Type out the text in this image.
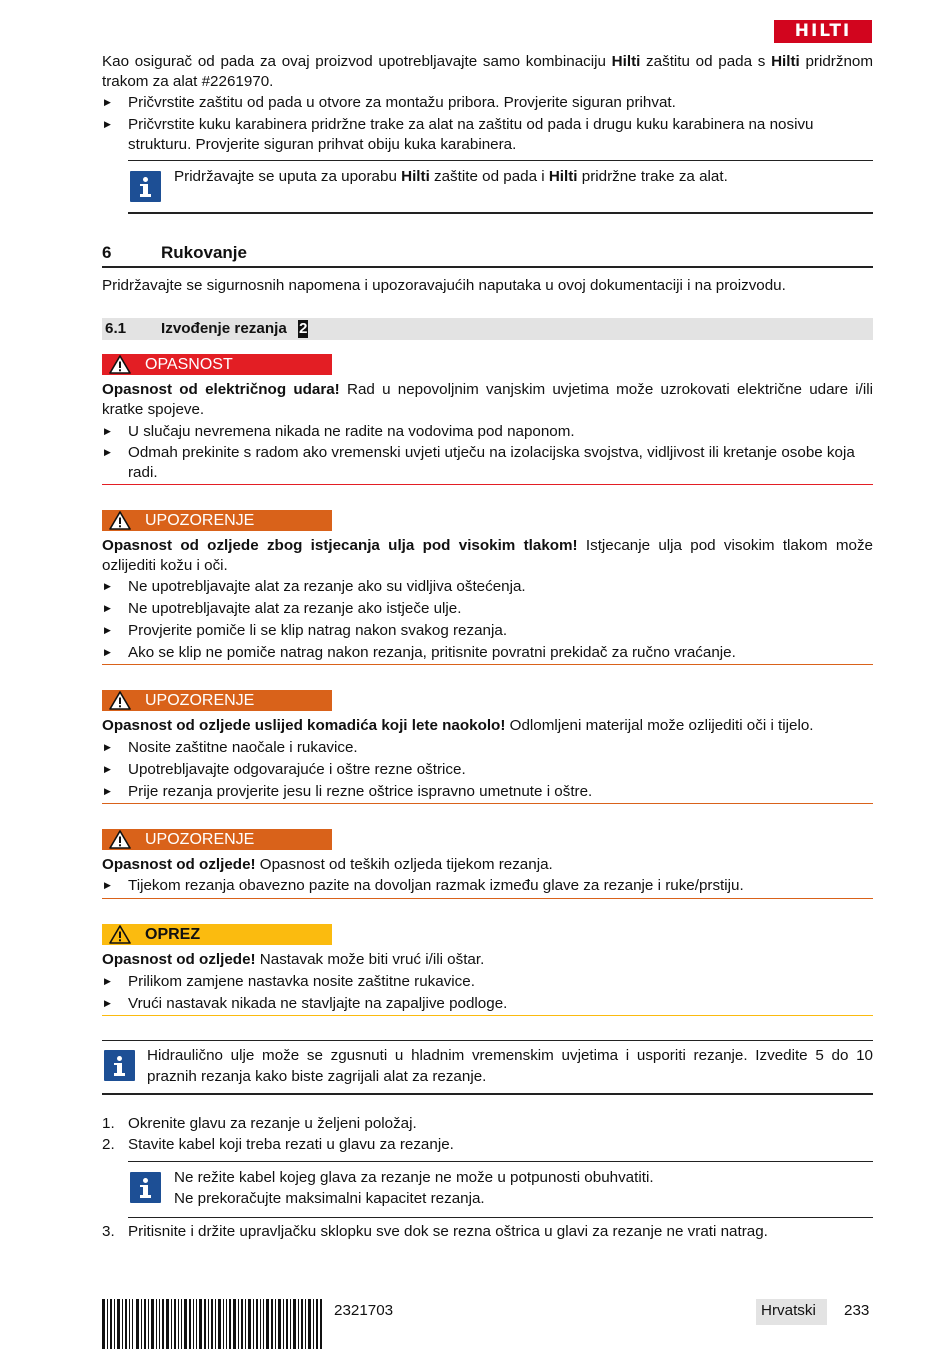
HILTI

Kao osigurač od pada za ovaj proizvod upotrebljavajte samo kombinaciju Hilti zaštitu od pada s Hilti pridržnom trakom za alat #2261970.

▶ Pričvrstite zaštitu od pada u otvore za montažu pribora. Provjerite siguran prihvat.

▶ Pričvrstite kuku karabinera pridržne trake za alat na zaštitu od pada i drugu kuku karabinera na nosivu strukturu. Provjerite siguran prihvat obiju kuka karabinera.

Pridržavajte se uputa za uporabu Hilti zaštite od pada i Hilti pridržne trake za alat.

6	Rukovanje

Pridržavajte se sigurnosnih napomena i upozoravajućih naputaka u ovoj dokumentaciji i na proizvodu.

6.1 Izvođenje rezanja 2
OPASNOST

Opasnost od električnog udara! Rad u nepovoljnim vanjskim uvjetima može uzrokovati električne udare i/ili kratke spojeve.

▶ U slučaju nevremena nikada ne radite na vodovima pod naponom.

▶ Odmah prekinite s radom ako vremenski uvjeti utječu na izolacijska svojstva, vidljivost ili kretanje osobe koja radi.

UPOZORENJE

Opasnost od ozljede zbog istjecanja ulja pod visokim tlakom! Istjecanje ulja pod visokim tlakom može ozlijediti kožu i oči.

▶ Ne upotrebljavajte alat za rezanje ako su vidljiva oštećenja.

▶ Ne upotrebljavajte alat za rezanje ako istječe ulje.

▶ Provjerite pomiče li se klip natrag nakon svakog rezanja.

▶ Ako se klip ne pomiče natrag nakon rezanja, pritisnite povratni prekidač za ručno vraćanje.

UPOZORENJE

Opasnost od ozljede uslijed komadića koji lete naokolo! Odlomljeni materijal može ozlijediti oči i tijelo.

▶ Nosite zaštitne naočale i rukavice.

▶ Upotrebljavajte odgovarajuće i oštre rezne oštrice.

▶ Prije rezanja provjerite jesu li rezne oštrice ispravno umetnute i oštre.

UPOZORENJE

Opasnost od ozljede! Opasnost od teških ozljeda tijekom rezanja.

▶ Tijekom rezanja obavezno pazite na dovoljan razmak između glave za rezanje i ruke/prstiju.

OPREZ

Opasnost od ozljede! Nastavak može biti vruć i/ili oštar.

▶ Prilikom zamjene nastavka nosite zaštitne rukavice.

▶ Vrući nastavak nikada ne stavljajte na zapaljive podloge.

Hidraulično ulje može se zgusnuti u hladnim vremenskim uvjetima i usporiti rezanje. Izvedite 5 do 10 praznih rezanja kako biste zagrijali alat za rezanje.

1. Okrenite glavu za rezanje u željeni položaj.

2. Stavite kabel koji treba rezati u glavu za rezanje.

Ne režite kabel kojeg glava za rezanje ne može u potpunosti obuhvatiti.

Ne prekoračujte maksimalni kapacitet rezanja.

3. Pritisnite i držite upravljačku sklopku sve dok se rezna oštrica u glavi za rezanje ne vrati natrag.

2321703	Hrvatski 233
